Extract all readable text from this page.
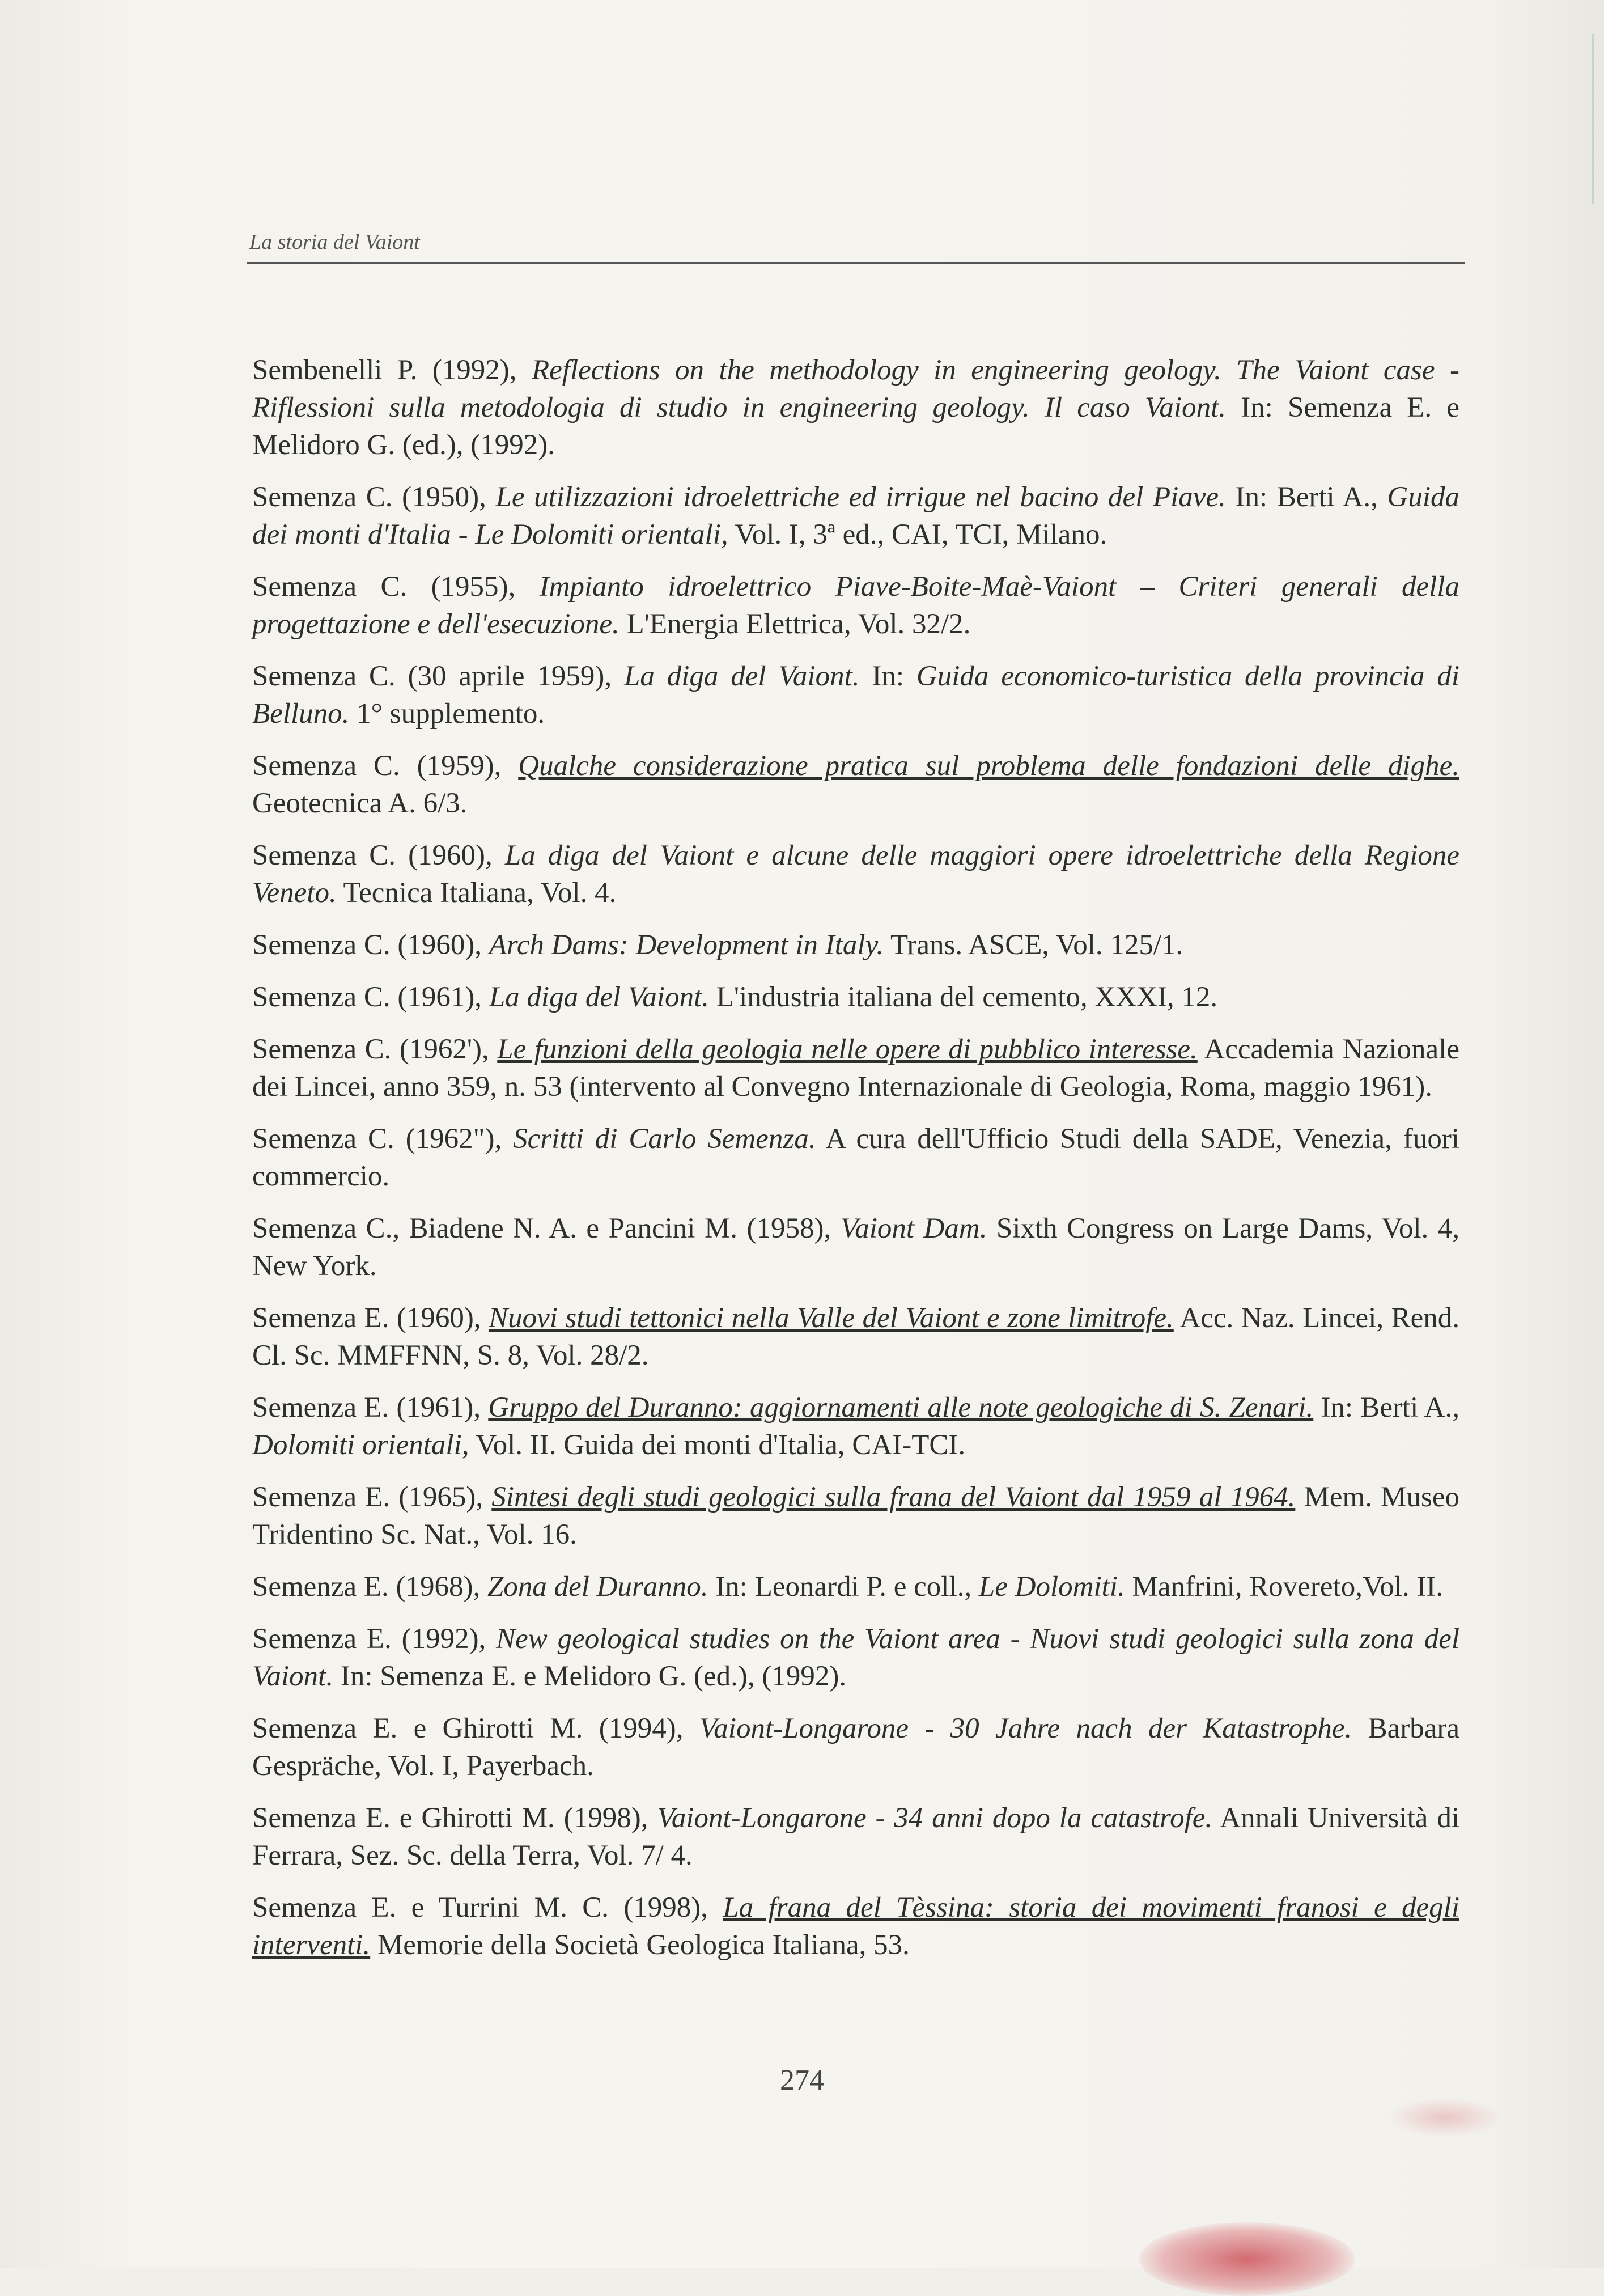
La storia del Vaiont
Sembenelli P. (1992), Reflections on the methodology in engineering geology. The Vaiont case - Riflessioni sulla metodologia di studio in engineering geology. Il caso Vaiont. In: Semenza E. e Melidoro G. (ed.), (1992).
Semenza C. (1950), Le utilizzazioni idroelettriche ed irrigue nel bacino del Piave. In: Berti A., Guida dei monti d'Italia - Le Dolomiti orientali, Vol. I, 3ª ed., CAI, TCI, Milano.
Semenza C. (1955), Impianto idroelettrico Piave-Boite-Maè-Vaiont – Criteri generali della progettazione e dell'esecuzione. L'Energia Elettrica, Vol. 32/2.
Semenza C. (30 aprile 1959), La diga del Vaiont. In: Guida economico-turistica della provincia di Belluno. 1° supplemento.
Semenza C. (1959), Qualche considerazione pratica sul problema delle fondazioni delle dighe. Geotecnica A. 6/3.
Semenza C. (1960), La diga del Vaiont e alcune delle maggiori opere idroelettriche della Regione Veneto. Tecnica Italiana, Vol. 4.
Semenza C. (1960), Arch Dams: Development in Italy. Trans. ASCE, Vol. 125/1.
Semenza C. (1961), La diga del Vaiont. L'industria italiana del cemento, XXXI, 12.
Semenza C. (1962'), Le funzioni della geologia nelle opere di pubblico interesse. Accademia Nazionale dei Lincei, anno 359, n. 53 (intervento al Convegno Internazionale di Geologia, Roma, maggio 1961).
Semenza C. (1962"), Scritti di Carlo Semenza. A cura dell'Ufficio Studi della SADE, Venezia, fuori commercio.
Semenza C., Biadene N. A. e Pancini M. (1958), Vaiont Dam. Sixth Congress on Large Dams, Vol. 4, New York.
Semenza E. (1960), Nuovi studi tettonici nella Valle del Vaiont e zone limitrofe. Acc. Naz. Lincei, Rend. Cl. Sc. MMFFNN, S. 8, Vol. 28/2.
Semenza E. (1961), Gruppo del Duranno: aggiornamenti alle note geologiche di S. Zenari. In: Berti A., Dolomiti orientali, Vol. II. Guida dei monti d'Italia, CAI-TCI.
Semenza E. (1965), Sintesi degli studi geologici sulla frana del Vaiont dal 1959 al 1964. Mem. Museo Tridentino Sc. Nat., Vol. 16.
Semenza E. (1968), Zona del Duranno. In: Leonardi P. e coll., Le Dolomiti. Manfrini, Rovereto,Vol. II.
Semenza E. (1992), New geological studies on the Vaiont area - Nuovi studi geologici sulla zona del Vaiont. In: Semenza E. e Melidoro G. (ed.), (1992).
Semenza E. e Ghirotti M. (1994), Vaiont-Longarone - 30 Jahre nach der Katastrophe. Barbara Gespräche, Vol. I, Payerbach.
Semenza E. e Ghirotti M. (1998), Vaiont-Longarone - 34 anni dopo la catastrofe. Annali Università di Ferrara, Sez. Sc. della Terra, Vol. 7/ 4.
Semenza E. e Turrini M. C. (1998), La frana del Tèssina: storia dei movimenti franosi e degli interventi. Memorie della Società Geologica Italiana, 53.
274
